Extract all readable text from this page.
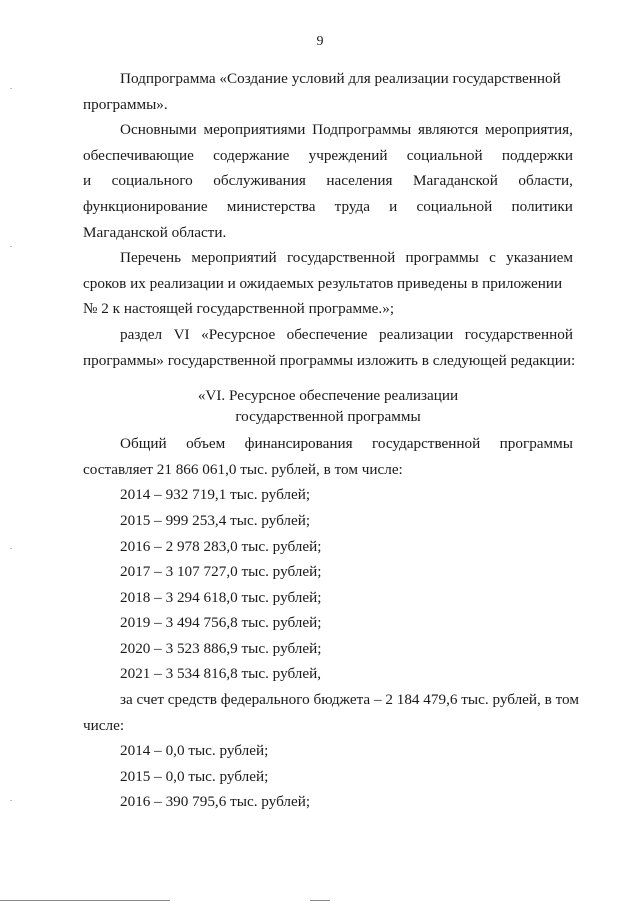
9
Подпрограмма «Создание условий для реализации государственной
программы».
Основными мероприятиями Подпрограммы являются мероприятия,
обеспечивающие содержание учреждений социальной поддержки
и социального обслуживания населения Магаданской области,
функционирование министерства труда и социальной политики
Магаданской области.
Перечень мероприятий государственной программы с указанием
сроков их реализации и ожидаемых результатов приведены в приложении
№ 2 к настоящей государственной программе.»;
раздел VI «Ресурсное обеспечение реализации государственной
программы» государственной программы изложить в следующей редакции:
«VI. Ресурсное обеспечение реализации
государственной программы
Общий объем финансирования государственной программы
составляет 21 866 061,0 тыс. рублей, в том числе:
2014 – 932 719,1 тыс. рублей;
2015 – 999 253,4 тыс. рублей;
2016 – 2 978 283,0 тыс. рублей;
2017 – 3 107 727,0 тыс. рублей;
2018 – 3 294 618,0 тыс. рублей;
2019 – 3 494 756,8 тыс. рублей;
2020 – 3 523 886,9 тыс. рублей;
2021 – 3 534 816,8 тыс. рублей,
за счет средств федерального бюджета – 2 184 479,6 тыс. рублей, в том
числе:
2014 – 0,0 тыс. рублей;
2015 – 0,0 тыс. рублей;
2016 – 390 795,6 тыс. рублей;
